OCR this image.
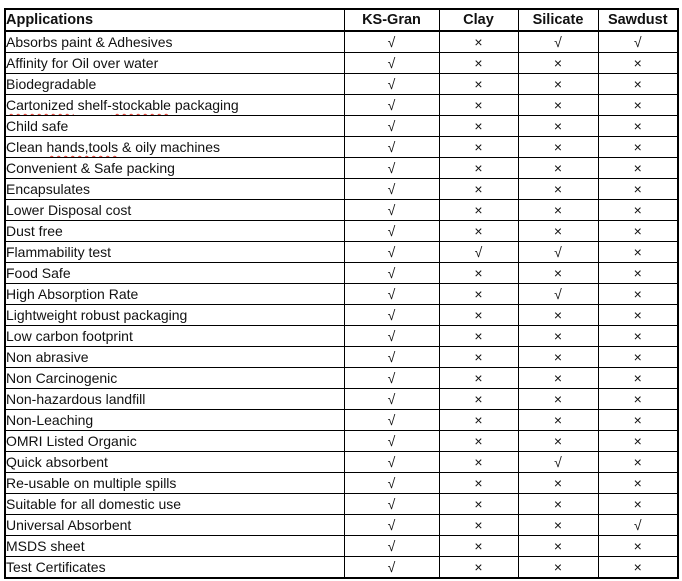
Applications	KS-Gran	Clay	Silicate	Sawdust
Absorbs paint & Adhesives	√	×	√	√
Affinity for Oil over water	√	×	×	×
Biodegradable	√	×	×	×
Cartonized shelf-stockable packaging	√	×	×	×
Child safe	√	×	×	×
Clean hands,tools & oily machines	√	×	×	×
Convenient & Safe packing	√	×	×	×
Encapsulates	√	×	×	×
Lower Disposal cost	√	×	×	×
Dust free	√	×	×	×
Flammability test	√	√	√	×
Food Safe	√	×	×	×
High Absorption Rate	√	×	√	×
Lightweight robust packaging	√	×	×	×
Low carbon footprint	√	×	×	×
Non abrasive	√	×	×	×
Non Carcinogenic	√	×	×	×
Non-hazardous landfill	√	×	×	×
Non-Leaching	√	×	×	×
OMRI Listed Organic	√	×	×	×
Quick absorbent	√	×	√	×
Re-usable on multiple spills	√	×	×	×
Suitable for all domestic use	√	×	×	×
Universal Absorbent	√	×	×	√
MSDS sheet	√	×	×	×
Test Certificates	√	×	×	×
